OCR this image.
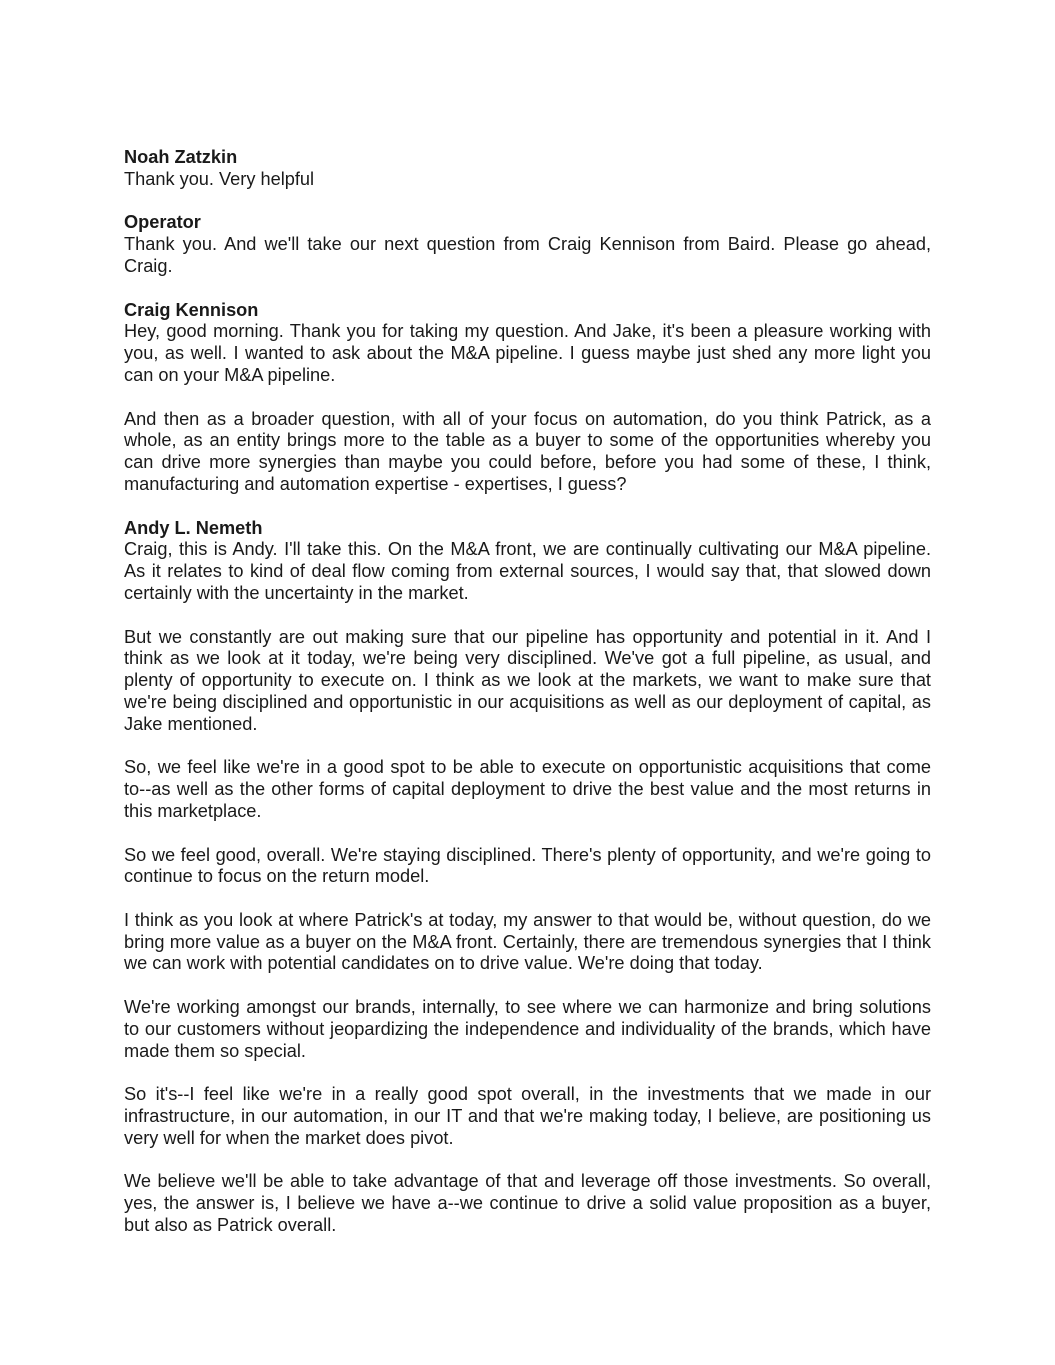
Noah Zatzkin

Thank you. Very helpful

Operator

Thank you. And we'll take our next question from Craig Kennison from Baird. Please go ahead, Craig.

Craig Kennison

Hey, good morning. Thank you for taking my question. And Jake, it's been a pleasure working with you, as well. I wanted to ask about the M&A pipeline. I guess maybe just shed any more light you can on your M&A pipeline.

And then as a broader question, with all of your focus on automation, do you think Patrick, as a whole, as an entity brings more to the table as a buyer to some of the opportunities whereby you can drive more synergies than maybe you could before, before you had some of these, I think, manufacturing and automation expertise - expertises, I guess?

Andy L. Nemeth

Craig, this is Andy. I'll take this. On the M&A front, we are continually cultivating our M&A pipeline. As it relates to kind of deal flow coming from external sources, I would say that, that slowed down certainly with the uncertainty in the market.

But we constantly are out making sure that our pipeline has opportunity and potential in it. And I think as we look at it today, we're being very disciplined. We've got a full pipeline, as usual, and plenty of opportunity to execute on. I think as we look at the markets, we want to make sure that we're being disciplined and opportunistic in our acquisitions as well as our deployment of capital, as Jake mentioned.

So, we feel like we're in a good spot to be able to execute on opportunistic acquisitions that come to--as well as the other forms of capital deployment to drive the best value and the most returns in this marketplace.

So we feel good, overall. We're staying disciplined. There's plenty of opportunity, and we're going to continue to focus on the return model.

I think as you look at where Patrick's at today, my answer to that would be, without question, do we bring more value as a buyer on the M&A front. Certainly, there are tremendous synergies that I think we can work with potential candidates on to drive value. We're doing that today.

We're working amongst our brands, internally, to see where we can harmonize and bring solutions to our customers without jeopardizing the independence and individuality of the brands, which have made them so special.

So it's--I feel like we're in a really good spot overall, in the investments that we made in our infrastructure, in our automation, in our IT and that we're making today, I believe, are positioning us very well for when the market does pivot.

We believe we'll be able to take advantage of that and leverage off those investments. So overall, yes, the answer is, I believe we have a--we continue to drive a solid value proposition as a buyer, but also as Patrick overall.
